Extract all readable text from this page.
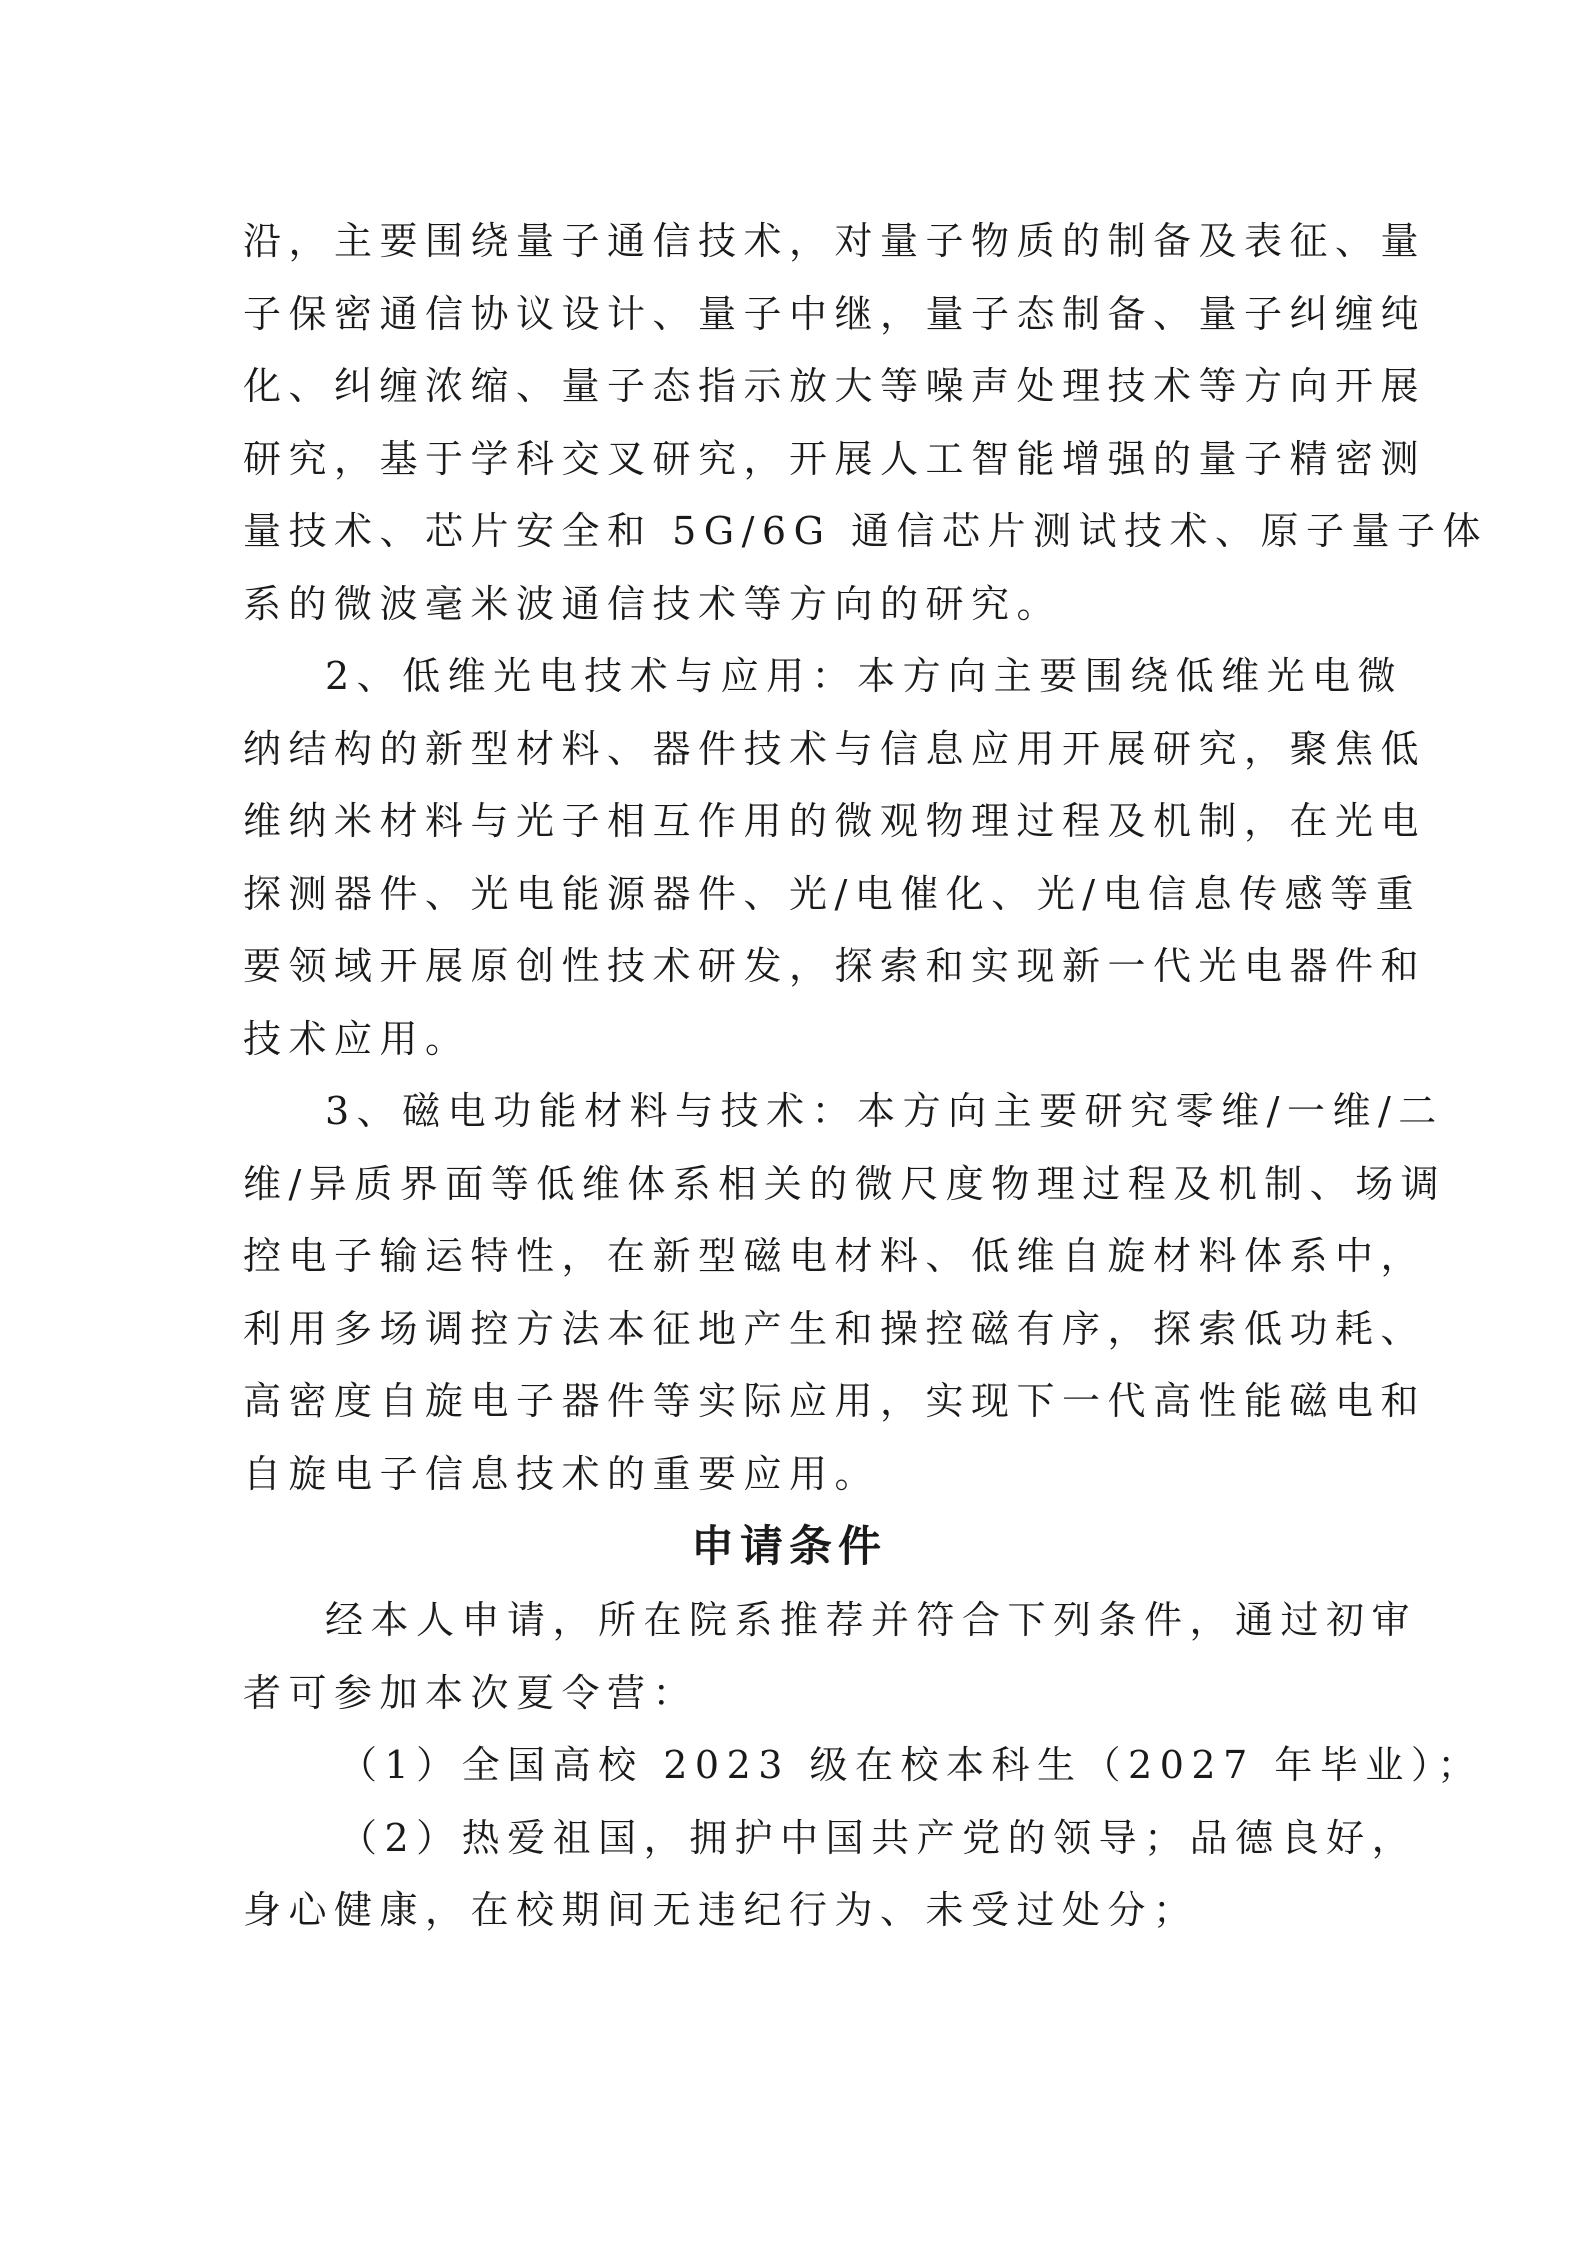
沿，主要围绕量子通信技术，对量子物质的制备及表征、量
子保密通信协议设计、量子中继，量子态制备、量子纠缠纯
化、纠缠浓缩、量子态指示放大等噪声处理技术等方向开展
研究，基于学科交叉研究，开展人工智能增强的量子精密测
量技术、芯片安全和 5G/6G 通信芯片测试技术、原子量子体
系的微波毫米波通信技术等方向的研究。

2、低维光电技术与应用：本方向主要围绕低维光电微
纳结构的新型材料、器件技术与信息应用开展研究，聚焦低
维纳米材料与光子相互作用的微观物理过程及机制，在光电
探测器件、光电能源器件、光/电催化、光/电信息传感等重
要领域开展原创性技术研发，探索和实现新一代光电器件和
技术应用。

3、磁电功能材料与技术：本方向主要研究零维/一维/二
维/异质界面等低维体系相关的微尺度物理过程及机制、场调
控电子输运特性，在新型磁电材料、低维自旋材料体系中，
利用多场调控方法本征地产生和操控磁有序，探索低功耗、
高密度自旋电子器件等实际应用，实现下一代高性能磁电和
自旋电子信息技术的重要应用。

申请条件

经本人申请，所在院系推荐并符合下列条件，通过初审
者可参加本次夏令营：

（1）全国高校 2023 级在校本科生（2027 年毕业）；

（2）热爱祖国，拥护中国共产党的领导；品德良好，

身心健康，在校期间无违纪行为、未受过处分；
